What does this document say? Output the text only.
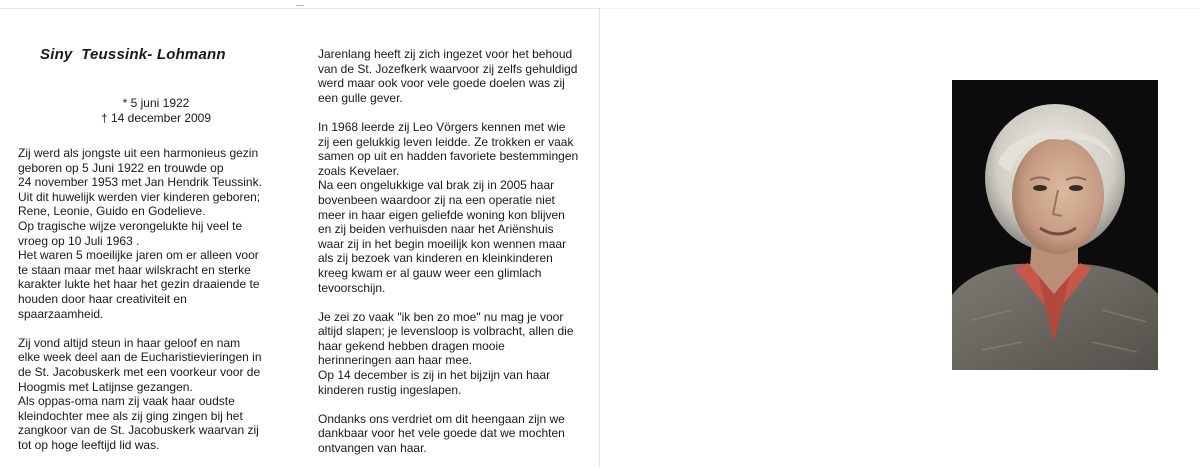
Siny  Teussink- Lohmann
* 5 juni 1922
† 14 december 2009

Zij werd als jongste uit een harmonieus gezin
geboren op 5 Juni 1922 en trouwde op
24 november 1953 met Jan Hendrik Teussink.
Uit dit huwelijk werden vier kinderen geboren;
Rene, Leonie, Guido en Godelieve.
Op tragische wijze verongelukte hij veel te
vroeg op 10 Juli 1963 .
Het waren 5 moeilijke jaren om er alleen voor
te staan maar met haar wilskracht en sterke
karakter lukte het haar het gezin draaiende te
houden door haar creativiteit en
spaarzaamheid.

Zij vond altijd steun in haar geloof en nam
elke week deel aan de Eucharistievieringen in
de St. Jacobuskerk met een voorkeur voor de
Hoogmis met Latijnse gezangen.
Als oppas-oma nam zij vaak haar oudste
kleindochter mee als zij ging zingen bij het
zangkoor van de St. Jacobuskerk waarvan zij
tot op hoge leeftijd lid was.

Jarenlang heeft zij zich ingezet voor het behoud
van de St. Jozefkerk waarvoor zij zelfs gehuldigd
werd maar ook voor vele goede doelen was zij
een gulle gever.

In 1968 leerde zij Leo Vörgers kennen met wie
zij een gelukkig leven leidde. Ze trokken er vaak
samen op uit en hadden favoriete bestemmingen
zoals Kevelaer.
Na een ongelukkige val brak zij in 2005 haar
bovenbeen waardoor zij na een operatie niet
meer in haar eigen geliefde woning kon blijven
en zij beiden verhuisden naar het Ariënshuis
waar zij in het begin moeilijk kon wennen maar
als zij bezoek van kinderen en kleinkinderen
kreeg kwam er al gauw weer een glimlach
tevoorschijn.

Je zei zo vaak "ik ben zo moe" nu mag je voor
altijd slapen; je levensloop is volbracht, allen die
haar gekend hebben dragen mooie
herinneringen aan haar mee.
Op 14 december is zij in het bijzijn van haar
kinderen rustig ingeslapen.

Ondanks ons verdriet om dit heengaan zijn we
dankbaar voor het vele goede dat we mochten
ontvangen van haar.
